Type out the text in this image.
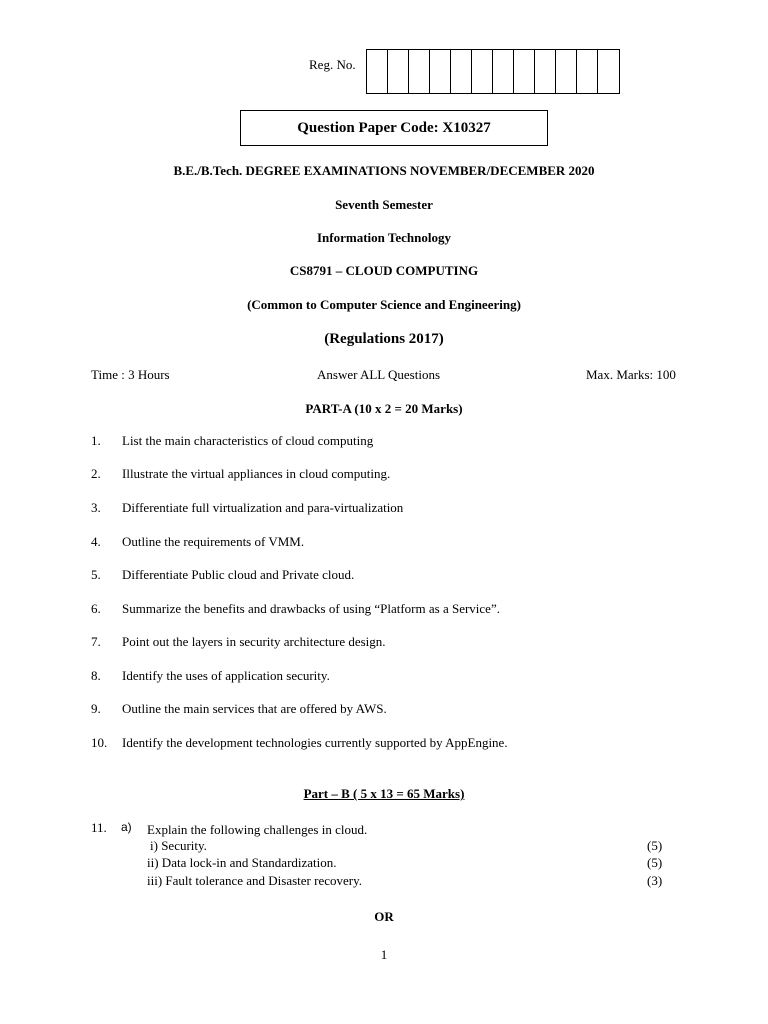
Reg. No.
Question Paper Code: X10327
B.E./B.Tech. DEGREE EXAMINATIONS NOVEMBER/DECEMBER 2020
Seventh Semester
Information Technology
CS8791 – CLOUD COMPUTING
(Common to Computer Science and Engineering)
(Regulations 2017)
Time : 3 Hours	Answer ALL Questions	Max. Marks: 100
PART-A (10 x 2 = 20 Marks)
1. List the main characteristics of cloud computing
2. Illustrate the virtual appliances in cloud computing.
3. Differentiate full virtualization and para-virtualization
4. Outline the requirements of VMM.
5. Differentiate Public cloud and Private cloud.
6. Summarize the benefits and drawbacks of using “Platform as a Service”.
7. Point out the layers in security architecture design.
8. Identify the uses of application security.
9. Outline the main services that are offered by AWS.
10. Identify the development technologies currently supported by AppEngine.
Part – B ( 5 x 13 = 65 Marks)
11. a) Explain the following challenges in cloud.
i) Security.	(5)
ii) Data lock-in and Standardization.	(5)
iii) Fault tolerance and Disaster recovery.	(3)
OR
1
